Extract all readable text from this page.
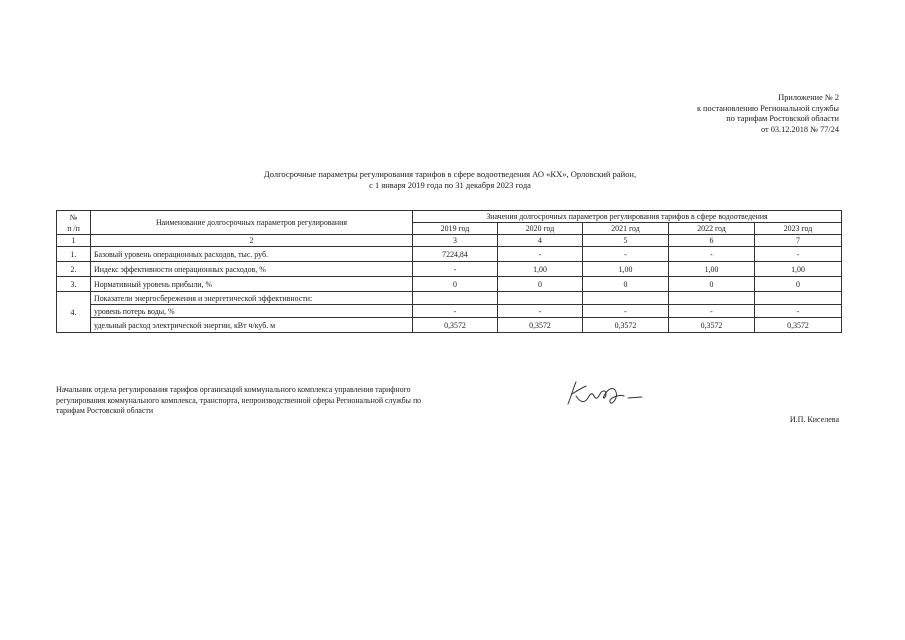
Приложение № 2
к постановлению Региональной службы
по тарифам Ростовской области
от 03.12.2018 № 77/24
Долгосрочные параметры регулирования тарифов в сфере водоотведения АО «КХ», Орловский район,
с 1 января 2019 года по 31 декабря 2023 года
№
п /п	Наименование долгосрочных параметров регулирования	Значения долгосрочных параметров регулирования тарифов в сфере водоотведения				
		2019 год	2020 год	2021 год	2022 год	2023 год
1	2	3	4	5	6	7
1.	Базовый уровень операционных расходов, тыс. руб.	7224,84	-	-	-	-
2.	Индекс эффективности операционных расходов, %	-	1,00	1,00	1,00	1,00
3.	Нормативный уровень прибыли, %	0	0	0	0	0
4.	Показатели энергосбережения и энергетической эффективности:					
	уровень потерь воды, %	-	-	-	-	-
	удельный расход электрической энергии, кВт ч/куб. м	0,3572	0,3572	0,3572	0,3572	0,3572
Начальник отдела регулирования тарифов организаций коммунального комплекса управления тарифного
регулирования коммунального комплекса, транспорта, непроизводственной сферы Региональной службы по
тарифам Ростовской области
И.П. Киселева
